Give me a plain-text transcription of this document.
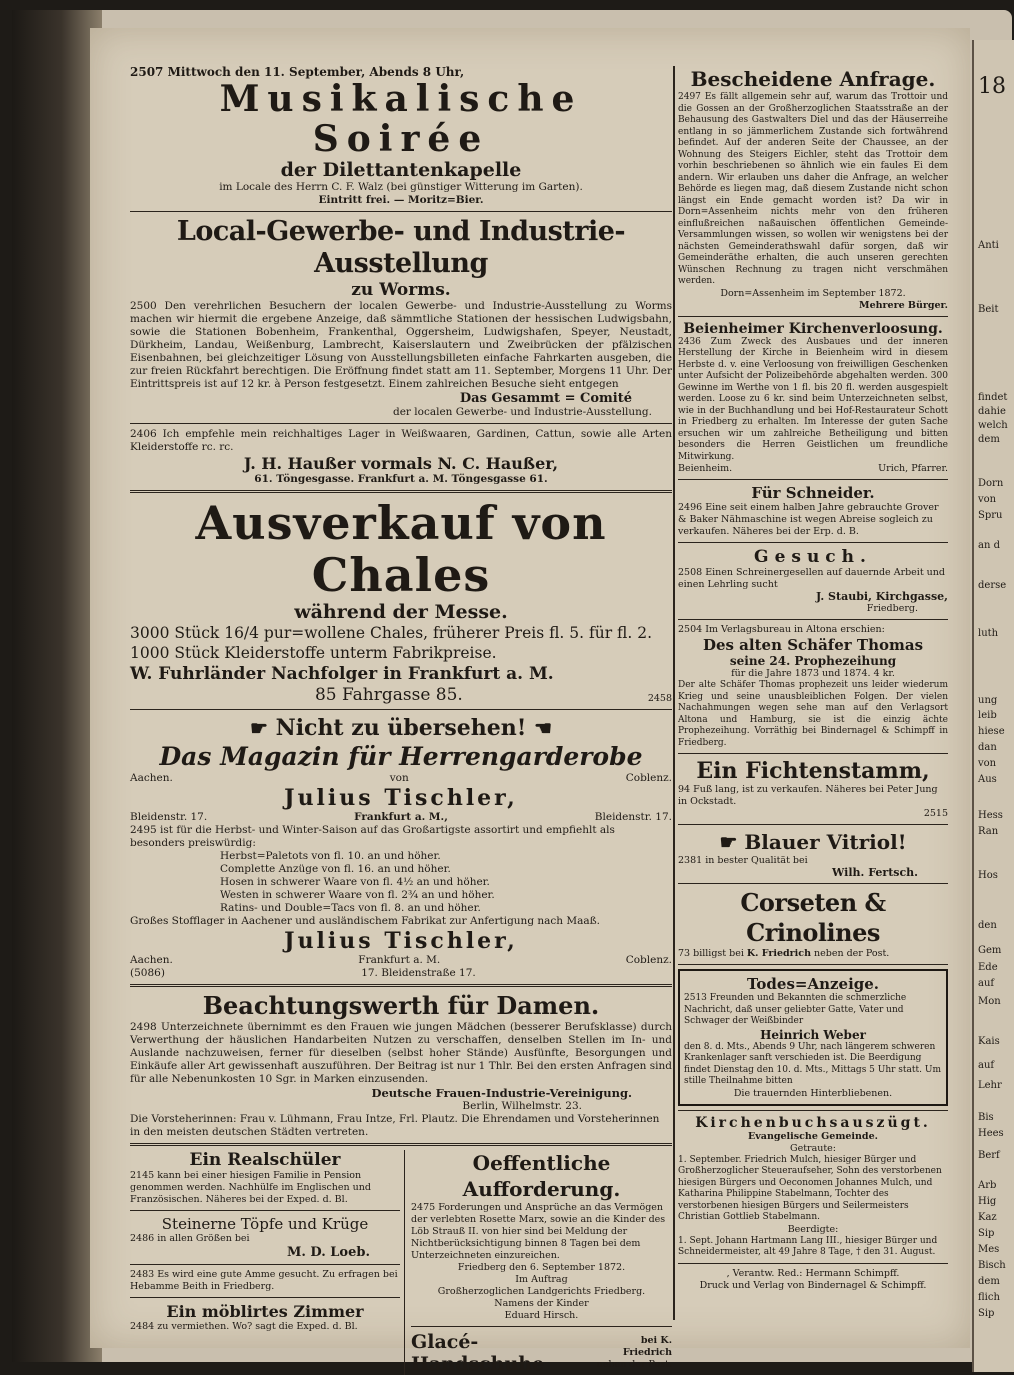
18
Anti
Beit
findet
dahie
welch
dem
Dorn
von
Spru
an d
derse
luth
ung
leib
hiese
dan
von
Aus
Hess
Ran
Hos
den
Gem
Ede
auf
Mon
Kais
auf
Lehr
Bis
Hees
Berf
Arb
Hig
Kaz
Sip
Mes
Bisch
dem
flich
Sip

2507 Mittwoch den 11. September, Abends 8 Uhr,

Musikalische Soirée

der Dilettantenkapelle

im Locale des Herrn C. F. Walz (bei günstiger Witterung im Garten).

Eintritt frei. — Moritz=Bier.

Local-Gewerbe- und Industrie-Ausstellung

zu Worms.

2500 Den verehrlichen Besuchern der localen Gewerbe- und Industrie-Ausstellung zu Worms machen wir hiermit die ergebene Anzeige, daß sämmtliche Stationen der hessischen Ludwigsbahn, sowie die Stationen Bobenheim, Frankenthal, Oggersheim, Ludwigshafen, Speyer, Neustadt, Dürkheim, Landau, Weißenburg, Lambrecht, Kaiserslautern und Zweibrücken der pfälzischen Eisenbahnen, bei gleichzeitiger Lösung von Ausstellungsbilleten einfache Fahrkarten ausgeben, die zur freien Rückfahrt berechtigen. Die Eröffnung findet statt am 11. September, Morgens 11 Uhr. Der Eintrittspreis ist auf 12 kr. à Person festgesetzt. Einem zahlreichen Besuche sieht entgegen

Das Gesammt = Comité

der localen Gewerbe- und Industrie-Ausstellung.

2406 Ich empfehle mein reichhaltiges Lager in Weißwaaren, Gardinen, Cattun, sowie alle Arten Kleiderstoffe rc. rc.

J. H. Haußer vormals N. C. Haußer,

61. Töngesgasse. Frankfurt a. M. Töngesgasse 61.

Ausverkauf von Chales

während der Messe.

3000 Stück 16/4 pur=wollene Chales, früherer Preis fl. 5. für fl. 2.

1000 Stück Kleiderstoffe unterm Fabrikpreise.

W. Fuhrländer Nachfolger in Frankfurt a. M.

85 Fahrgasse 85.	2458

☛ Nicht zu übersehen! ☚

Das Magazin für Herrengarderobe

Aachen.	von	Coblenz.

Julius Tischler,

Bleidenstr. 17.	Frankfurt a. M.,	Bleidenstr. 17.

2495 ist für die Herbst- und Winter-Saison auf das Großartigste assortirt und empfiehlt als besonders preiswürdig:

Herbst=Paletots von fl. 10. an und höher.

Complette Anzüge von fl. 16. an und höher.

Hosen in schwerer Waare von fl. 4½ an und höher.

Westen in schwerer Waare von fl. 2¾ an und höher.

Ratins- und Double=Tacs von fl. 8. an und höher.

Großes Stofflager in Aachener und ausländischem Fabrikat zur Anfertigung nach Maaß.

Julius Tischler,

Aachen.	Frankfurt a. M.	Coblenz.
(5086)	17. Bleidenstraße 17.

Beachtungswerth für Damen.

2498 Unterzeichnete übernimmt es den Frauen wie jungen Mädchen (besserer Berufsklasse) durch Verwerthung der häuslichen Handarbeiten Nutzen zu verschaffen, denselben Stellen im In- und Auslande nachzuweisen, ferner für dieselben (selbst hoher Stände) Ausfünfte, Besorgungen und Einkäufe aller Art gewissenhaft auszuführen. Der Beitrag ist nur 1 Thlr. Bei den ersten Anfragen sind für alle Nebenunkosten 10 Sgr. in Marken einzusenden.

Deutsche Frauen-Industrie-Vereinigung.

Berlin, Wilhelmstr. 23.

Die Vorsteherinnen: Frau v. Lühmann, Frau Intze, Frl. Plautz. Die Ehrendamen und Vorsteherinnen in den meisten deutschen Städten vertreten.

Ein Realschüler

2145 kann bei einer hiesigen Familie in Pension genommen werden. Nachhülfe im Englischen und Französischen. Näheres bei der Exped. d. Bl.

Steinerne Töpfe und Krüge

2486 in allen Größen bei

M. D. Loeb.

2483 Es wird eine gute Amme gesucht. Zu erfragen bei Hebamme Beith in Friedberg.

Ein möblirtes Zimmer

2484 zu vermiethen. Wo? sagt die Exped. d. Bl.

Oeffentliche Aufforderung.

2475 Forderungen und Ansprüche an das Vermögen der verlebten Rosette Marx, sowie an die Kinder des Löb Strauß II. von hier sind bei Meldung der Nichtberücksichtigung binnen 8 Tagen bei dem Unterzeichneten einzureichen.

Friedberg den 6. September 1872.

Im Auftrag

Großherzoglichen Landgerichts Friedberg.

Namens der Kinder

Eduard Hirsch.

Glacé-Handschuhe
bei K. Friedrich
neben der Post.

Bescheidene Anfrage.

2497 Es fällt allgemein sehr auf, warum das Trottoir und die Gossen an der Großherzoglichen Staatsstraße an der Behausung des Gastwalters Diel und das der Häuserreihe entlang in so jämmerlichem Zustande sich fortwährend befindet. Auf der anderen Seite der Chaussee, an der Wohnung des Steigers Eichler, steht das Trottoir dem vorhin beschriebenen so ähnlich wie ein faules Ei dem andern. Wir erlauben uns daher die Anfrage, an welcher Behörde es liegen mag, daß diesem Zustande nicht schon längst ein Ende gemacht worden ist? Da wir in Dorn=Assenheim nichts mehr von den früheren einflußreichen naßauischen öffentlichen Gemeinde-Versammlungen wissen, so wollen wir wenigstens bei der nächsten Gemeinderathswahl dafür sorgen, daß wir Gemeinderäthe erhalten, die auch unseren gerechten Wünschen Rechnung zu tragen nicht verschmähen werden.

Dorn=Assenheim im September 1872.

Mehrere Bürger.

Beienheimer Kirchenverloosung.

2436 Zum Zweck des Ausbaues und der inneren Herstellung der Kirche in Beienheim wird in diesem Herbste d. v. eine Verloosung von freiwilligen Geschenken unter Aufsicht der Polizeibehörde abgehalten werden. 300 Gewinne im Werthe von 1 fl. bis 20 fl. werden ausgespielt werden. Loose zu 6 kr. sind beim Unterzeichneten selbst, wie in der Buchhandlung und bei Hof-Restaurateur Schott in Friedberg zu erhalten. Im Interesse der guten Sache ersuchen wir um zahlreiche Betheiligung und bitten besonders die Herren Geistlichen um freundliche Mitwirkung.

Beienheim.	Urich, Pfarrer.

Für Schneider.

2496 Eine seit einem halben Jahre gebrauchte Grover & Baker Nähmaschine ist wegen Abreise sogleich zu verkaufen. Näheres bei der Erp. d. B.

Gesuch.

2508 Einen Schreinergesellen auf dauernde Arbeit und einen Lehrling sucht

J. Staubi, Kirchgasse,

Friedberg.

2504 Im Verlagsbureau in Altona erschien:

Des alten Schäfer Thomas

seine 24. Prophezeihung

für die Jahre 1873 und 1874. 4 kr.

Der alte Schäfer Thomas prophezeit uns leider wiederum Krieg und seine unausbleiblichen Folgen. Der vielen Nachahmungen wegen sehe man auf den Verlagsort Altona und Hamburg, sie ist die einzig ächte Prophezeihung. Vorräthig bei Bindernagel & Schimpff in Friedberg.

Ein Fichtenstamm,

94 Fuß lang, ist zu verkaufen. Näheres bei Peter Jung in Ockstadt.

2515

☛ Blauer Vitriol!

2381 in bester Qualität bei

Wilh. Fertsch.

Corseten & Crinolines

73 billigst bei K. Friedrich neben der Post.

Todes=Anzeige.

2513 Freunden und Bekannten die schmerzliche Nachricht, daß unser geliebter Gatte, Vater und Schwager der Weißbinder

Heinrich Weber

den 8. d. Mts., Abends 9 Uhr, nach längerem schweren Krankenlager sanft verschieden ist. Die Beerdigung findet Dienstag den 10. d. Mts., Mittags 5 Uhr statt. Um stille Theilnahme bitten

Die trauernden Hinterbliebenen.

Kirchenbuchsauszügt.

Evangelische Gemeinde.

Getraute:

1. September. Friedrich Mulch, hiesiger Bürger und Großherzoglicher Steueraufseher, Sohn des verstorbenen hiesigen Bürgers und Oeconomen Johannes Mulch, und Katharina Philippine Stabelmann, Tochter des verstorbenen hiesigen Bürgers und Seilermeisters Christian Gottlieb Stabelmann.

Beerdigte:

1. Sept. Johann Hartmann Lang III., hiesiger Bürger und Schneidermeister, alt 49 Jahre 8 Tage, † den 31. August.

, Verantw. Red.: Hermann Schimpff.

Druck und Verlag von Bindernagel & Schimpff.
